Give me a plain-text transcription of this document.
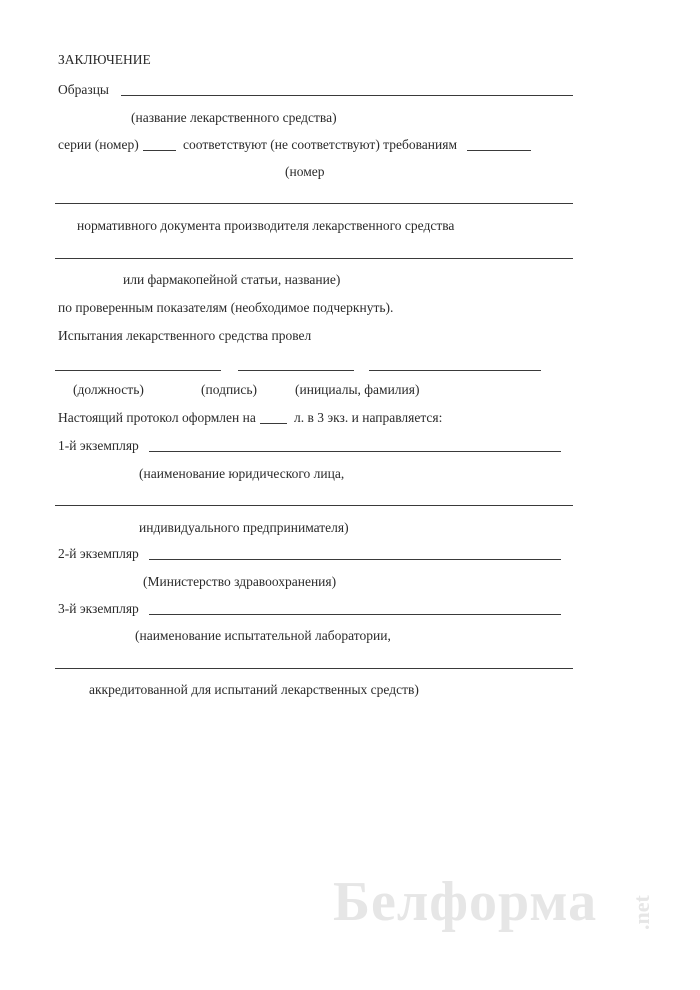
ЗАКЛЮЧЕНИЕ
Образцы
(название лекарственного средства)
серии (номер)	соответствуют (не соответствуют) требованиям
(номер
нормативного документа производителя лекарственного средства
или фармакопейной статьи, название)
по проверенным показателям (необходимое подчеркнуть).
Испытания лекарственного средства провел
(должность)	(подпись)	(инициалы, фамилия)
Настоящий протокол оформлен на	л. в 3 экз. и направляется:
1-й экземпляр
(наименование юридического лица,
индивидуального предпринимателя)
2-й экземпляр
(Министерство здравоохранения)
3-й экземпляр
(наименование испытательной лаборатории,
аккредитованной для испытаний лекарственных средств)
Белформа .net
